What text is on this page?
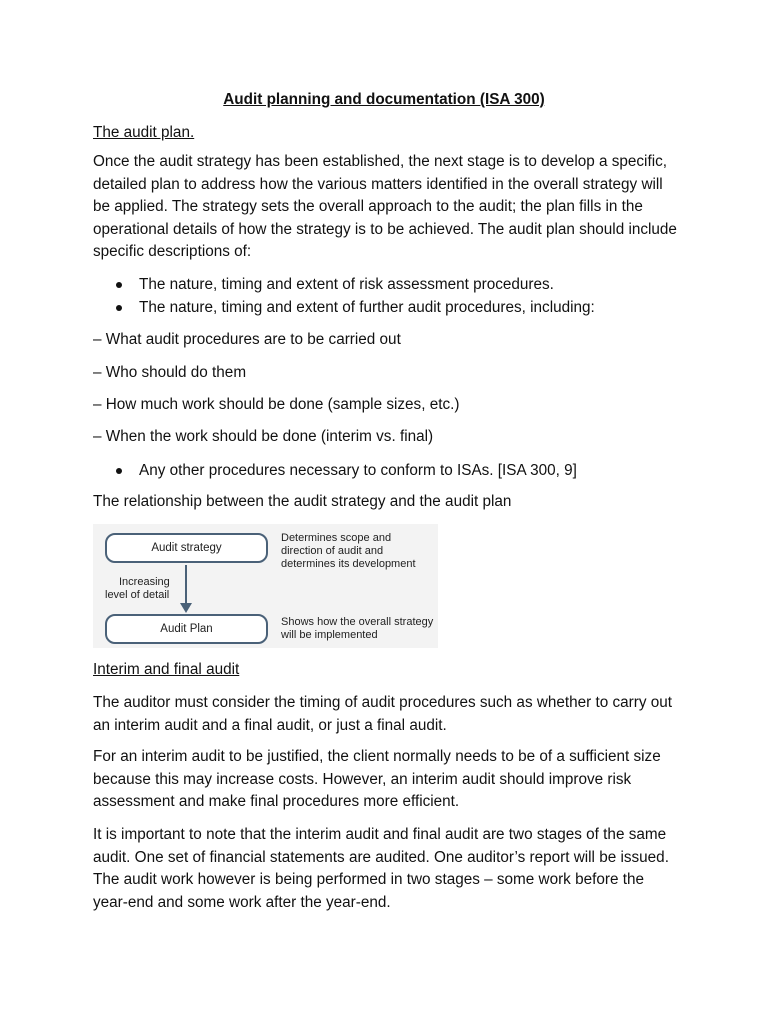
Audit planning and documentation (ISA 300)
The audit plan.
Once the audit strategy has been established, the next stage is to develop a specific, detailed plan to address how the various matters identified in the overall strategy will be applied. The strategy sets the overall approach to the audit; the plan fills in the operational details of how the strategy is to be achieved. The audit plan should include specific descriptions of:
The nature, timing and extent of risk assessment procedures.
The nature, timing and extent of further audit procedures, including:
– What audit procedures are to be carried out
– Who should do them
– How much work should be done (sample sizes, etc.)
– When the work should be done (interim vs. final)
Any other procedures necessary to conform to ISAs. [ISA 300, 9]
The relationship between the audit strategy and the audit plan
Audit strategy
Increasing
level of detail
Audit Plan
Determines scope and
direction of audit and
determines its development
Shows how the overall strategy
will be implemented
Interim and final audit
The auditor must consider the timing of audit procedures such as whether to carry out an interim audit and a final audit, or just a final audit.
For an interim audit to be justified, the client normally needs to be of a sufficient size because this may increase costs. However, an interim audit should improve risk assessment and make final procedures more efficient.
It is important to note that the interim audit and final audit are two stages of the same audit. One set of financial statements are audited. One auditor’s report will be issued. The audit work however is being performed in two stages – some work before the year-end and some work after the year-end.
